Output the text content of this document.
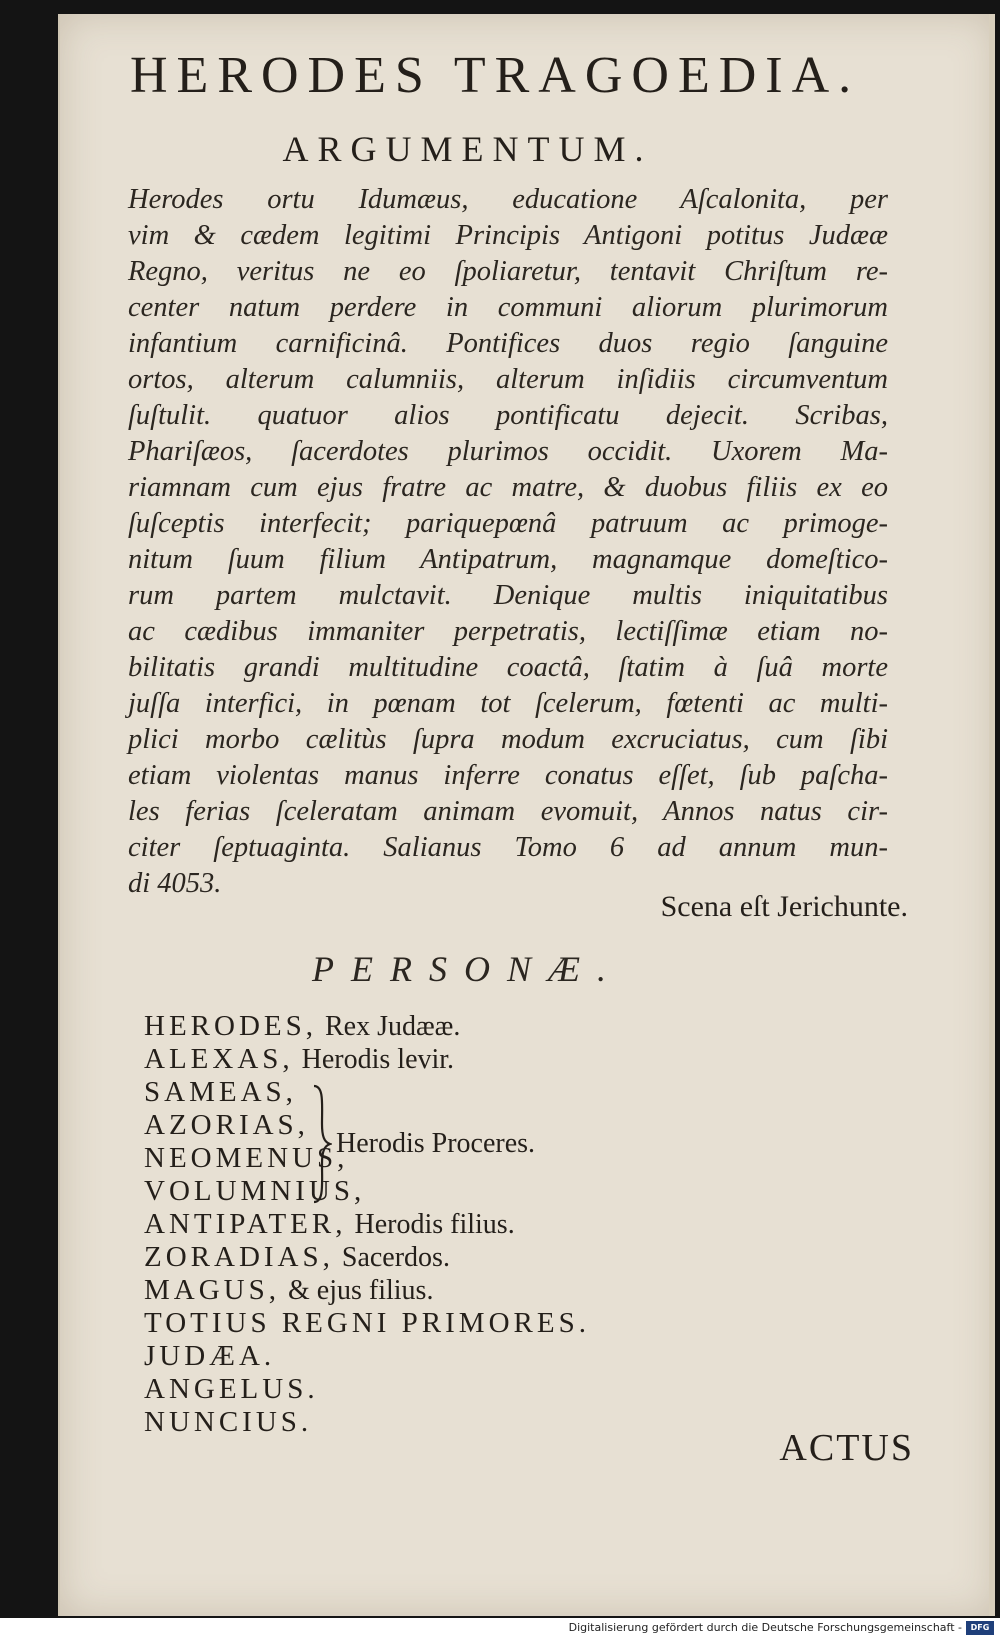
HERODES TRAGOEDIA.
ARGUMENTUM.
Herodes ortu Idumæus, educatione Aſcalonita, per
vim & cædem legitimi Principis Antigoni potitus Judææ
Regno, veritus ne eo ſpoliaretur, tentavit Chriſtum re-
center natum perdere in communi aliorum plurimorum
infantium carnificinâ. Pontifices duos regio ſanguine
ortos, alterum calumniis, alterum inſidiis circumventum
ſuſtulit. quatuor alios pontificatu dejecit. Scribas,
Phariſæos, ſacerdotes plurimos occidit. Uxorem Ma-
riamnam cum ejus fratre ac matre, & duobus filiis ex eo
ſuſceptis interfecit; pariquepœnâ patruum ac primoge-
nitum ſuum filium Antipatrum, magnamque domeſtico-
rum partem mulctavit. Denique multis iniquitatibus
ac cædibus immaniter perpetratis, lectiſſimæ etiam no-
bilitatis grandi multitudine coactâ, ſtatim à ſuâ morte
juſſa interfici, in pœnam tot ſcelerum, fœtenti ac multi-
plici morbo cælitùs ſupra modum excruciatus, cum ſibi
etiam violentas manus inferre conatus eſſet, ſub paſcha-
les ferias ſceleratam animam evomuit, Annos natus cir-
citer ſeptuaginta. Salianus Tomo 6 ad annum mun-
di 4053.
Scena eſt Jerichunte.
PERSONÆ.
HERODES, Rex Judææ.
ALEXAS, Herodis levir.
SAMEAS,
AZORIAS,
NEOMENUS,
VOLUMNIUS,
ANTIPATER, Herodis filius.
ZORADIAS, Sacerdos.
MAGUS, & ejus filius.
TOTIUS REGNI PRIMORES.
JUDÆA.
ANGELUS.
NUNCIUS.
Herodis Proceres.
ACTUS
Digitalisierung gefördert durch die Deutsche Forschungsgemeinschaft -	DFG
